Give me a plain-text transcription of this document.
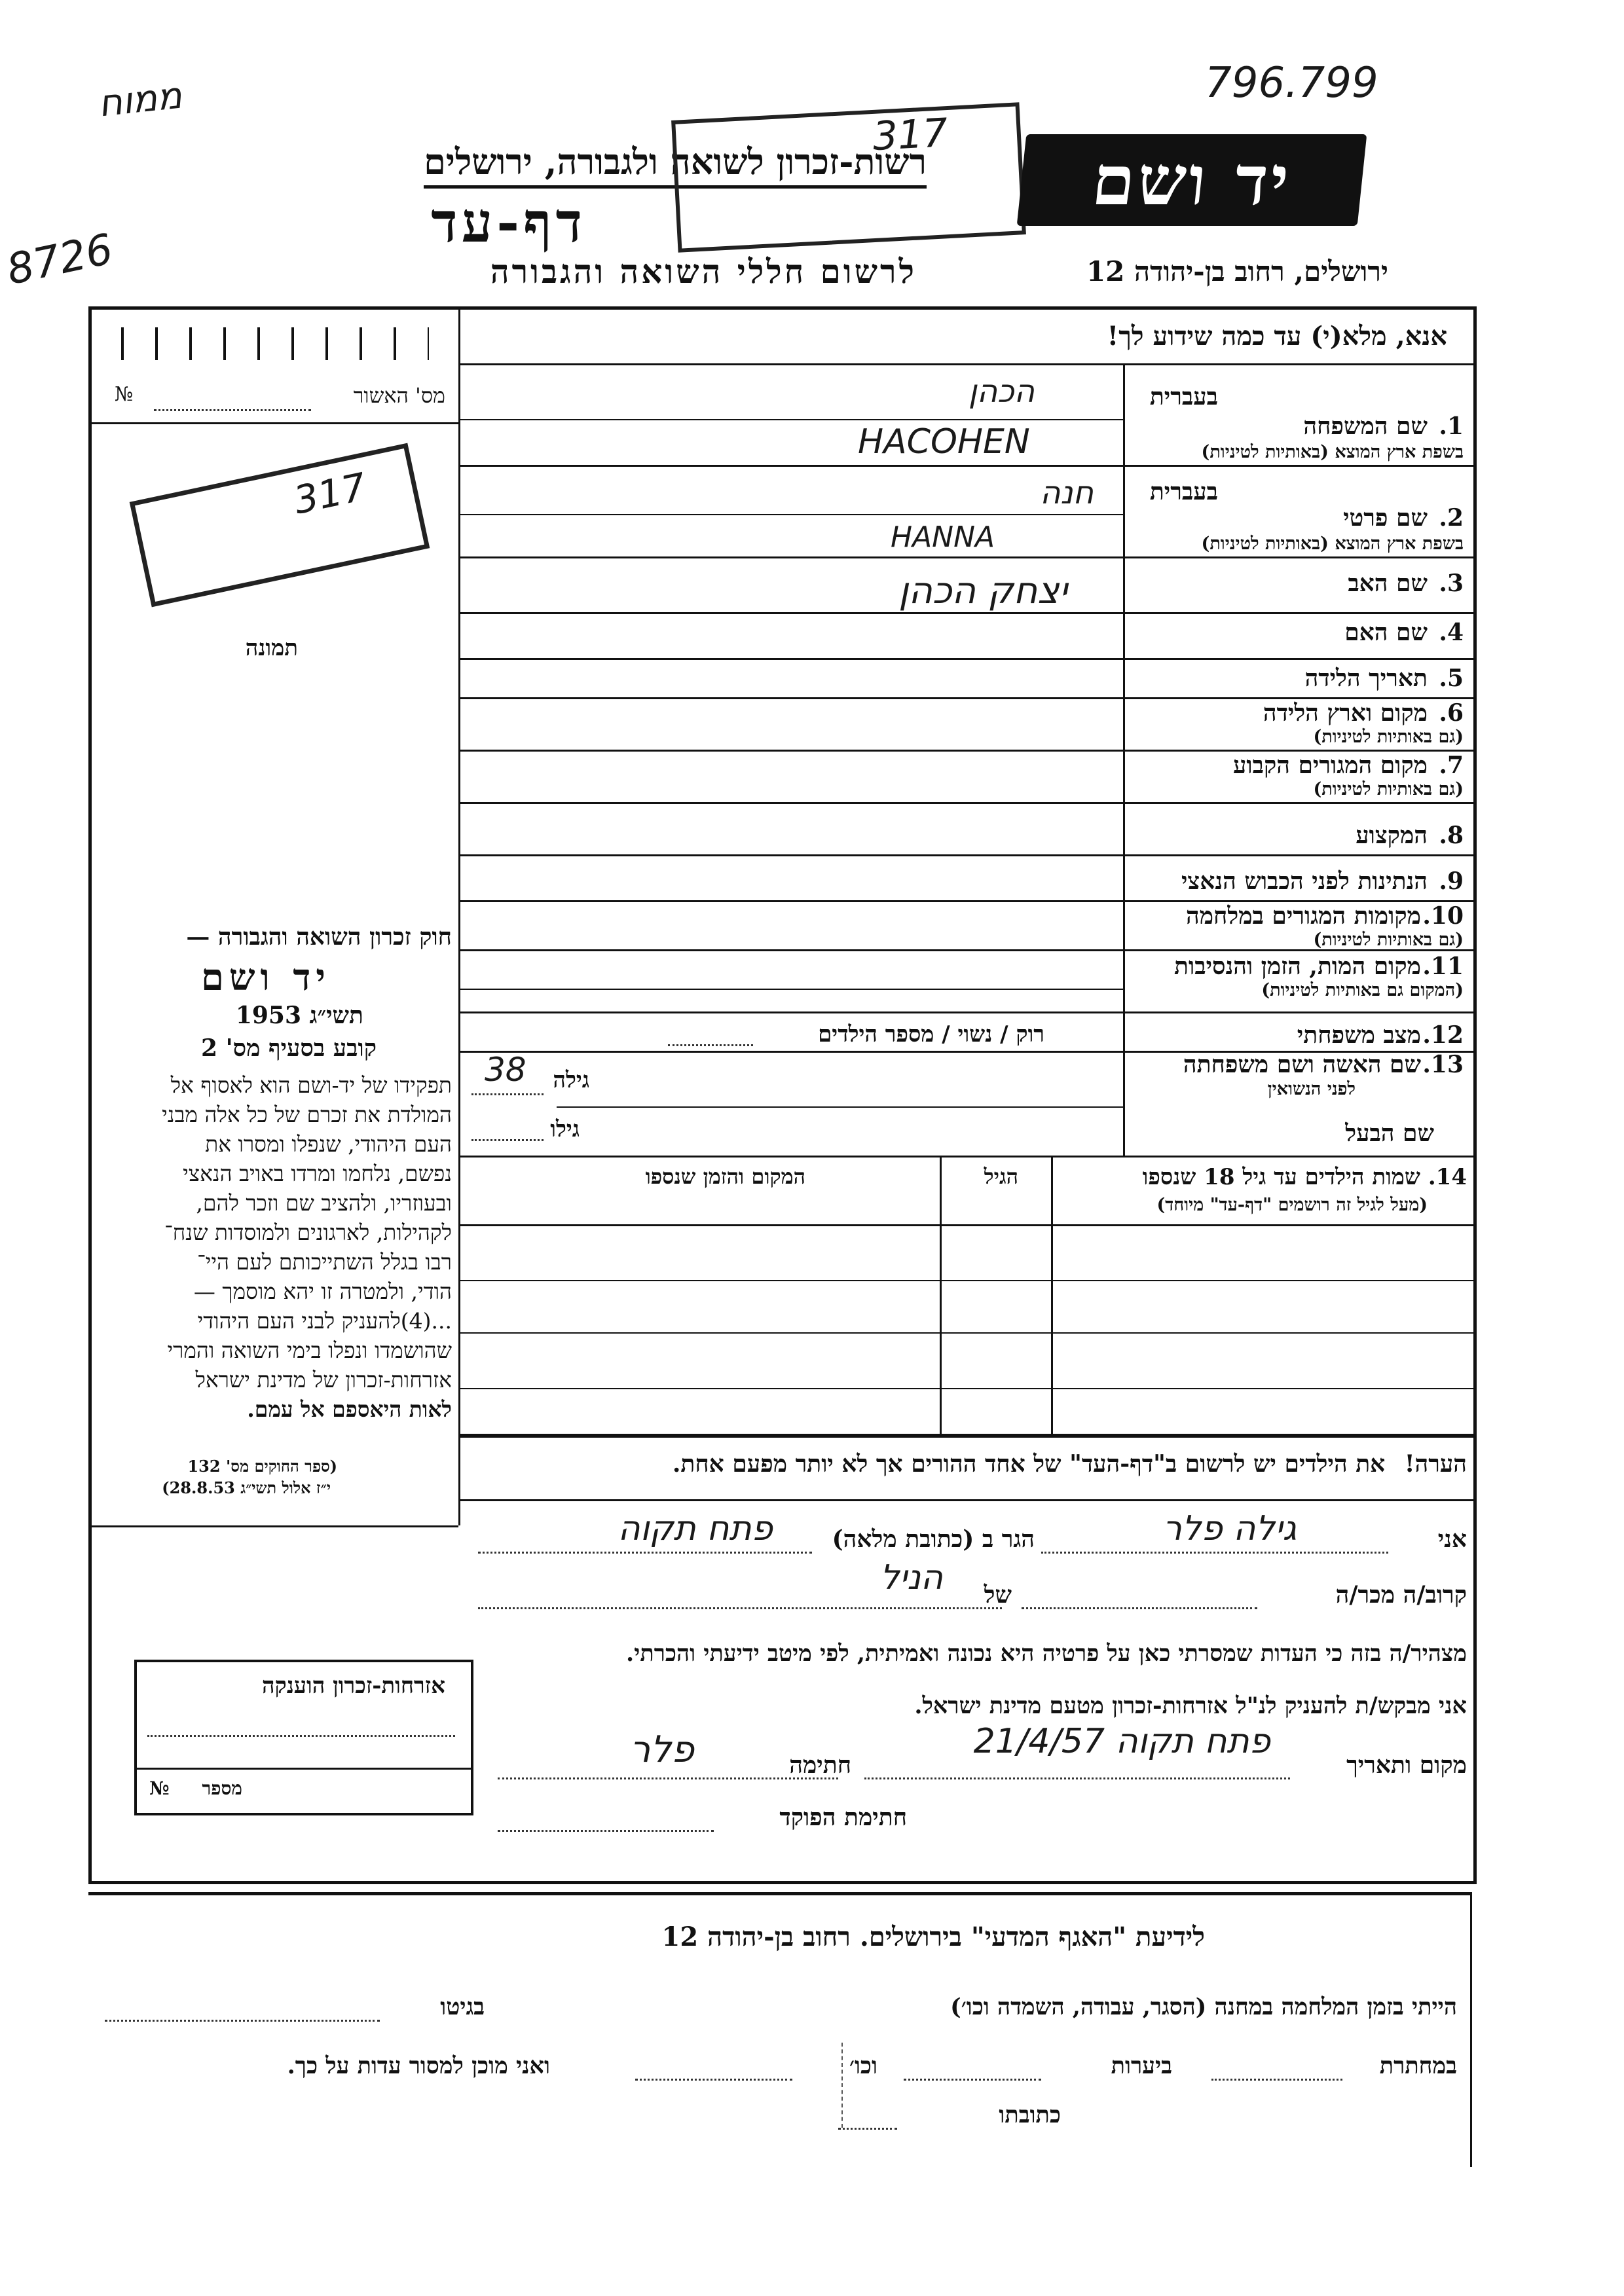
796.799
8726
ממוח
רשות-זכרון לשואה ולגבורה, ירושלים
317
דף-עד
לרשום חללי השואה והגבורה
יד ושם
ירושלים, רחוב בן-יהודה 12
אנא, מלא(י) עד כמה שידוע לך!
מס' האשור
№
317
תמונה
חוק זכרון השואה והגבורה —
יד ושם
תשי״ג 1953
קובע בסעיף מס' 2
תפקידו של יד-ושם הוא לאסוף אל
המולדת את זכרם של כל אלה מבני
העם היהודי, שנפלו ומסרו את
נפשם, נלחמו ומרדו באויב הנאצי
ובעוזריו, ולהציב שם וזכר להם,
לקהילות, לארגונים ולמוסדות שנח־
רבו בגלל השתייכותם לעם היי־
הודי, ולמטרה זו יהא מוסמך —
...(4)להעניק לבני העם היהודי
שהושמדו ונפלו בימי השואה והמרי
אזרחות-זכרון של מדינת ישראל
לאות היאספם אל עמם.
(ספר החוקים מס' 132
י״ז אלול תשי״ג 28.8.53)
אזרחות-זכרון הוענקה
№ מספר
בעברית
1.
שם המשפחה
בשפת ארץ המוצא (באותיות לטיניות)
הכהן
HACOHEN
בעברית
2.
שם פרטי
בשפת ארץ המוצא (באותיות לטיניות)
חנה
HANNA
3.
שם האב
יצחק הכהן
4.
שם האם
5.
תאריך הלידה
6.
מקום וארץ הלידה
(גם באותיות לטיניות)
7.
מקום המגורים הקבוע
(גם באותיות לטיניות)
8.
המקצוע
9.
הנתינות לפני הכבוש הנאצי
10.
מקומות המגורים במלחמה
(גם באותיות לטיניות)
11.
מקום המות, הזמן והנסיבות
(המקום גם באותיות לטיניות)
12.
מצב משפחתי
רוק / נשוי / מספר הילדים
13.
שם האשה ושם משפחתה
לפני הנשואין
גילה
38
שם הבעל
גילו
14. שמות הילדים עד גיל 18 שנספו
(מעל לגיל זה רושמים "דף-עד" מיוחד)
הגיל
המקום והזמן שנספו
הערה! את הילדים יש לרשום ב"דף-העד" של אחד ההורים אך לא יותר מפעם אחת.
אני
גילה פלר
הגר ב (כתובת מלאה)
פתח תקוה
קרוב/ה מכר/ה
של
הניל
מצהיר/ה בזה כי העדות שמסרתי כאן על פרטיה היא נכונה ואמיתית, לפי מיטב ידיעתי והכרתי.
אני מבקש/ת להעניק לנ"ל אזרחות-זכרון מטעם מדינת ישראל.
מקום ותאריך
פתח תקוה 21/4/57
חתימה
פלר
חתימת הפוקד
לידיעת "האגף המדעי" בירושלים. רחוב בן-יהודה 12
הייתי בזמן המלחמה במחנה (הסגר, עבודה, השמדה וכו׳)
בגיטו
במחתרת
ביערות
וכו׳
ואני מוכן למסור עדות על כך.
כתובתו
